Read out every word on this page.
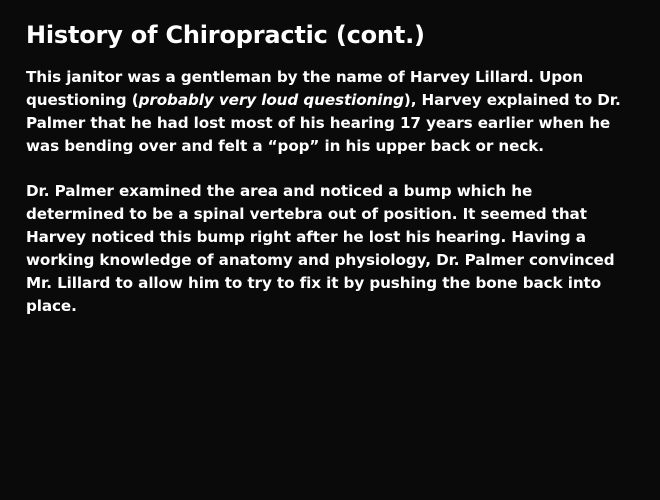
History of Chiropractic (cont.)

This janitor was a gentleman by the name of Harvey Lillard. Upon questioning (probably very loud questioning), Harvey explained to Dr. Palmer that he had lost most of his hearing 17 years earlier when he was bending over and felt a “pop” in his upper back or neck.

Dr. Palmer examined the area and noticed a bump which he determined to be a spinal vertebra out of position. It seemed that Harvey noticed this bump right after he lost his hearing. Having a working knowledge of anatomy and physiology, Dr. Palmer convinced Mr. Lillard to allow him to try to fix it by pushing the bone back into place.
